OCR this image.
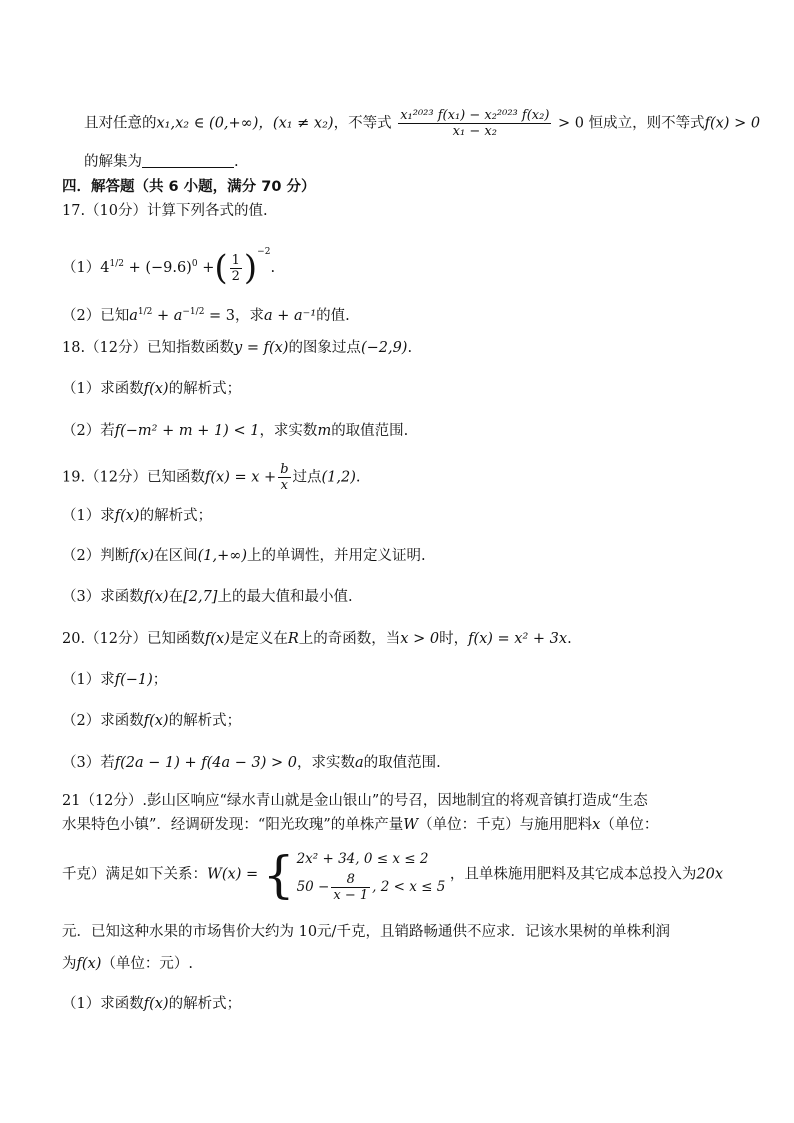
且对任意的x₁,x₂ ∈ (0,+∞)，(x₁ ≠ x₂)，不等式 $\frac{\text{x₁²⁰²³ f(x₁) − x₂²⁰²³ f(x₂)}}{\text{x₁ − x₂}} > 0$ 恒成立，则不等式f(x) > 0
的解集为	.
四．解答题（共 6 小题，满分 70 分）
17.（10分）计算下列各式的值.
$(1)4^{1/2} + (-9.6)^0$ +( $\frac{1}{2} )^{-2}$.
（2）已知$a^{1/2} + a^{-1/2} = 3$，求a + a⁻¹的值.
18.（12分）已知指数函数y = f(x)的图象过点(−2,9).
（1）求函数f(x)的解析式；
（2）若f(−m² + m + 1) < 1，求实数m的取值范围.
19.（12分）已知函数$f(x) = x + \frac{b}{x}$ 过点(1,2).
（1）求f(x)的解析式；
（2）判断f(x)在区间(1,+∞)上的单调性，并用定义证明.
（3）求函数f(x)在[2,7]上的最大值和最小值.
20.（12分）已知函数f(x)是定义在R上的奇函数，当x > 0时，f(x) = x² + 3x.
（1）求f(−1)；
（2）求函数f(x)的解析式；
（3）若f(2a − 1) + f(4a − 3) > 0，求实数a的取值范围.
21（12分）.彭山区响应“绿水青山就是金山银山”的号召，因地制宜的将观音镇打造成“生态
水果特色小镇”．经调研发现：“阳光玫瑰”的单株产量W（单位：千克）与施用肥料x（单位：
千克）满足如下关系：W(x) = { 2x² + 34, 0 ≤ x ≤ 2
$50 - \frac{8}{x - 1}$ , 2 < x ≤ 5
，且单株施用肥料及其它成本总投入为20x
元．已知这种水果的市场售价大约为 10元/千克，且销路畅通供不应求．记该水果树的单株利润
为f(x)（单位：元）.
（1）求函数f(x)的解析式；
